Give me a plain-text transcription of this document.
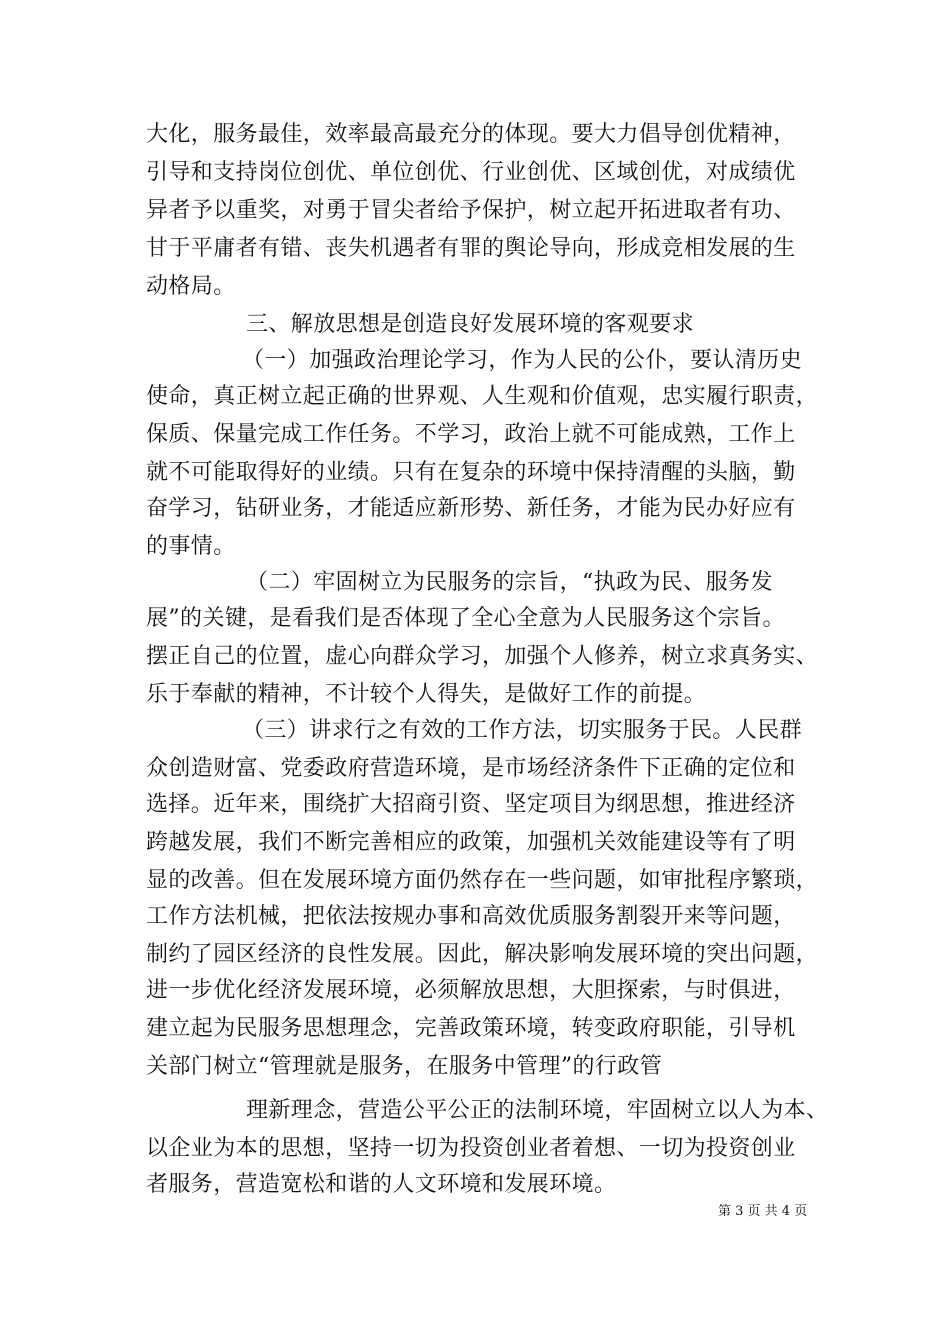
大化，服务最佳，效率最高最充分的体现。要大力倡导创优精神，
引导和支持岗位创优、单位创优、行业创优、区域创优，对成绩优
异者予以重奖，对勇于冒尖者给予保护，树立起开拓进取者有功、
甘于平庸者有错、丧失机遇者有罪的舆论导向，形成竞相发展的生
动格局。
三、解放思想是创造良好发展环境的客观要求
（一）加强政治理论学习，作为人民的公仆，要认清历史
使命，真正树立起正确的世界观、人生观和价值观，忠实履行职责，
保质、保量完成工作任务。不学习，政治上就不可能成熟，工作上
就不可能取得好的业绩。只有在复杂的环境中保持清醒的头脑，勤
奋学习，钻研业务，才能适应新形势、新任务，才能为民办好应有
的事情。
（二）牢固树立为民服务的宗旨，“执政为民、服务发
展”的关键，是看我们是否体现了全心全意为人民服务这个宗旨。
摆正自己的位置，虚心向群众学习，加强个人修养，树立求真务实、
乐于奉献的精神，不计较个人得失，是做好工作的前提。
（三）讲求行之有效的工作方法，切实服务于民。人民群
众创造财富、党委政府营造环境，是市场经济条件下正确的定位和
选择。近年来，围绕扩大招商引资、坚定项目为纲思想，推进经济
跨越发展，我们不断完善相应的政策，加强机关效能建设等有了明
显的改善。但在发展环境方面仍然存在一些问题，如审批程序繁琐，
工作方法机械，把依法按规办事和高效优质服务割裂开来等问题，
制约了园区经济的良性发展。因此，解决影响发展环境的突出问题，
进一步优化经济发展环境，必须解放思想，大胆探索，与时俱进，
建立起为民服务思想理念，完善政策环境，转变政府职能，引导机
关部门树立“管理就是服务，在服务中管理”的行政管
理新理念，营造公平公正的法制环境，牢固树立以人为本、
以企业为本的思想，坚持一切为投资创业者着想、一切为投资创业
者服务，营造宽松和谐的人文环境和发展环境。
第 3 页 共 4 页
